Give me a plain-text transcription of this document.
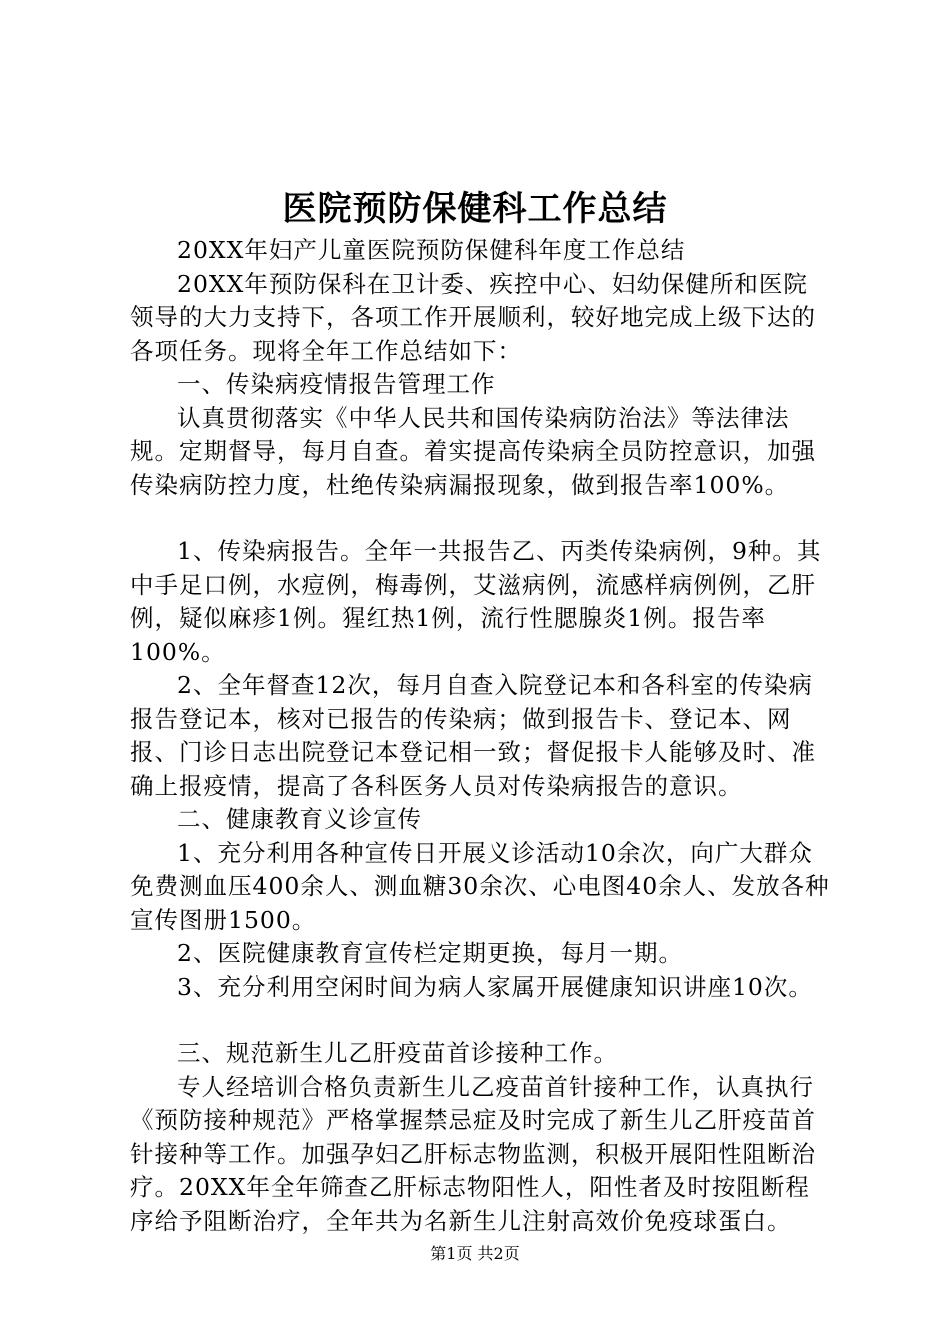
医院预防保健科工作总结

20XX年妇产儿童医院预防保健科年度工作总结

20XX年预防保科在卫计委、疾控中心、妇幼保健所和医院领导的大力支持下，各项工作开展顺利，较好地完成上级下达的各项任务。现将全年工作总结如下：

一、传染病疫情报告管理工作

认真贯彻落实《中华人民共和国传染病防治法》等法律法规。定期督导，每月自查。着实提高传染病全员防控意识，加强传染病防控力度，杜绝传染病漏报现象，做到报告率100%。

1、传染病报告。全年一共报告乙、丙类传染病例，9种。其中手足口例，水痘例，梅毒例，艾滋病例，流感样病例例，乙肝例，疑似麻疹1例。猩红热1例，流行性腮腺炎1例。报告率100%。

2、全年督查12次，每月自查入院登记本和各科室的传染病报告登记本，核对已报告的传染病；做到报告卡、登记本、网报、门诊日志出院登记本登记相一致；督促报卡人能够及时、准确上报疫情，提高了各科医务人员对传染病报告的意识。

二、健康教育义诊宣传

1、充分利用各种宣传日开展义诊活动10余次，向广大群众免费测血压400余人、测血糖30余次、心电图40余人、发放各种宣传图册1500。

2、医院健康教育宣传栏定期更换，每月一期。

3、充分利用空闲时间为病人家属开展健康知识讲座10次。

三、规范新生儿乙肝疫苗首诊接种工作。

专人经培训合格负责新生儿乙疫苗首针接种工作，认真执行《预防接种规范》严格掌握禁忌症及时完成了新生儿乙肝疫苗首针接种等工作。加强孕妇乙肝标志物监测，积极开展阳性阻断治疗。20XX年全年筛查乙肝标志物阳性人，阳性者及时按阻断程序给予阻断治疗，全年共为名新生儿注射高效价免疫球蛋白。

第1页 共2页
